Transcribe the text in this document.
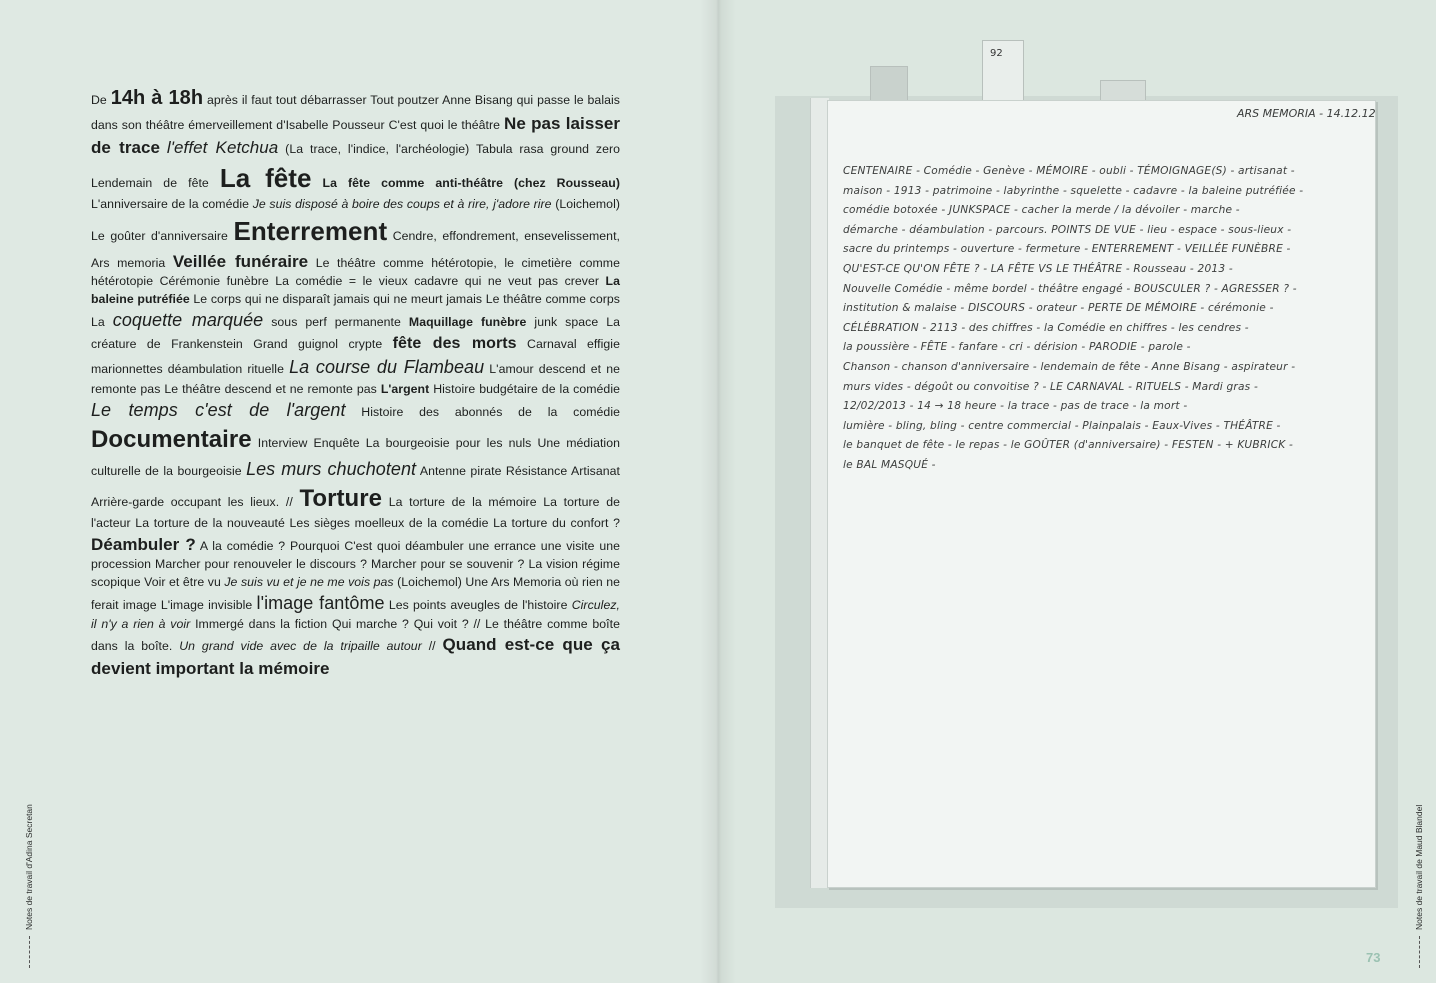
De 14h à 18h après il faut tout débarrasser Tout poutzer Anne Bisang qui passe le balais dans son théâtre émerveillement d'Isabelle Pousseur C'est quoi le théâtre Ne pas laisser de trace l'effet Ketchua (La trace, l'indice, l'archéologie) Tabula rasa ground zero Lendemain de fête La fête La fête comme anti-théâtre (chez Rousseau) L'anniversaire de la comédie Je suis disposé à boire des coups et à rire, j'adore rire (Loichemol) Le goûter d'anniversaire Enterrement Cendre, effondrement, ensevelissement, Ars memoria Veillée funéraire Le théâtre comme hétérotopie, le cimetière comme hétérotopie Cérémonie funèbre La comédie = le vieux cadavre qui ne veut pas crever La baleine putréfiée Le corps qui ne disparaît jamais qui ne meurt jamais Le théâtre comme corps La coquette marquée sous perf permanente Maquillage funèbre junk space La créature de Frankenstein Grand guignol crypte fête des morts Carnaval effigie marionnettes déambulation rituelle La course du Flambeau L'amour descend et ne remonte pas Le théâtre descend et ne remonte pas L'argent Histoire budgétaire de la comédie Le temps c'est de l'argent Histoire des abonnés de la comédie Documentaire Interview Enquête La bourgeoisie pour les nuls Une médiation culturelle de la bourgeoisie Les murs chuchotent Antenne pirate Résistance Artisanat Arrière-garde occupant les lieux. // Torture La torture de la mémoire La torture de l'acteur La torture de la nouveauté Les sièges moelleux de la comédie La torture du confort ? Déambuler ? A la comédie ? Pourquoi C'est quoi déambuler une errance une visite une procession Marcher pour renouveler le discours ? Marcher pour se souvenir ? La vision régime scopique Voir et être vu Je suis vu et je ne me vois pas (Loichemol) Une Ars Memoria où rien ne ferait image L'image invisible l'image fantôme Les points aveugles de l'histoire Circulez, il n'y a rien à voir Immergé dans la fiction Qui marche ? Qui voit ? // Le théâtre comme boîte dans la boîte. Un grand vide avec de la tripaille autour // Quand est-ce que ça devient important la mémoire
Notes de travail d'Adina Secretan
92
ARS MEMORIA - 14.12.12
CENTENAIRE - Comédie - Genève - MÉMOIRE - oubli - TÉMOIGNAGE(S) - artisanat -
maison - 1913 - patrimoine - labyrinthe - squelette - cadavre - la baleine putréfiée -
comédie botoxée - JUNKSPACE - cacher la merde / la dévoiler - marche -
démarche - déambulation - parcours. POINTS DE VUE - lieu - espace - sous-lieux -
sacre du printemps - ouverture - fermeture - ENTERREMENT - VEILLÉE FUNÈBRE -
QU'EST-CE QU'ON FÊTE ? - LA FÊTE VS LE THÉÂTRE - Rousseau - 2013 -
Nouvelle Comédie - même bordel - théâtre engagé - BOUSCULER ? - AGRESSER ? -
institution & malaise - DISCOURS - orateur - PERTE DE MÉMOIRE - cérémonie -
CÉLÉBRATION - 2113 - des chiffres - la Comédie en chiffres - les cendres -
la poussière - FÊTE - fanfare - cri - dérision - PARODIE - parole -
Chanson - chanson d'anniversaire - lendemain de fête - Anne Bisang - aspirateur -
murs vides - dégoût ou convoitise ? - LE CARNAVAL - RITUELS - Mardi gras -
12/02/2013 - 14 → 18 heure - la trace - pas de trace - la mort -
lumière - bling, bling - centre commercial - Plainpalais - Eaux-Vives - THÉÂTRE -
le banquet de fête - le repas - le GOÛTER (d'anniversaire) - FESTEN - + KUBRICK -
le BAL MASQUÉ -
Notes de travail de Maud Blandel
73
